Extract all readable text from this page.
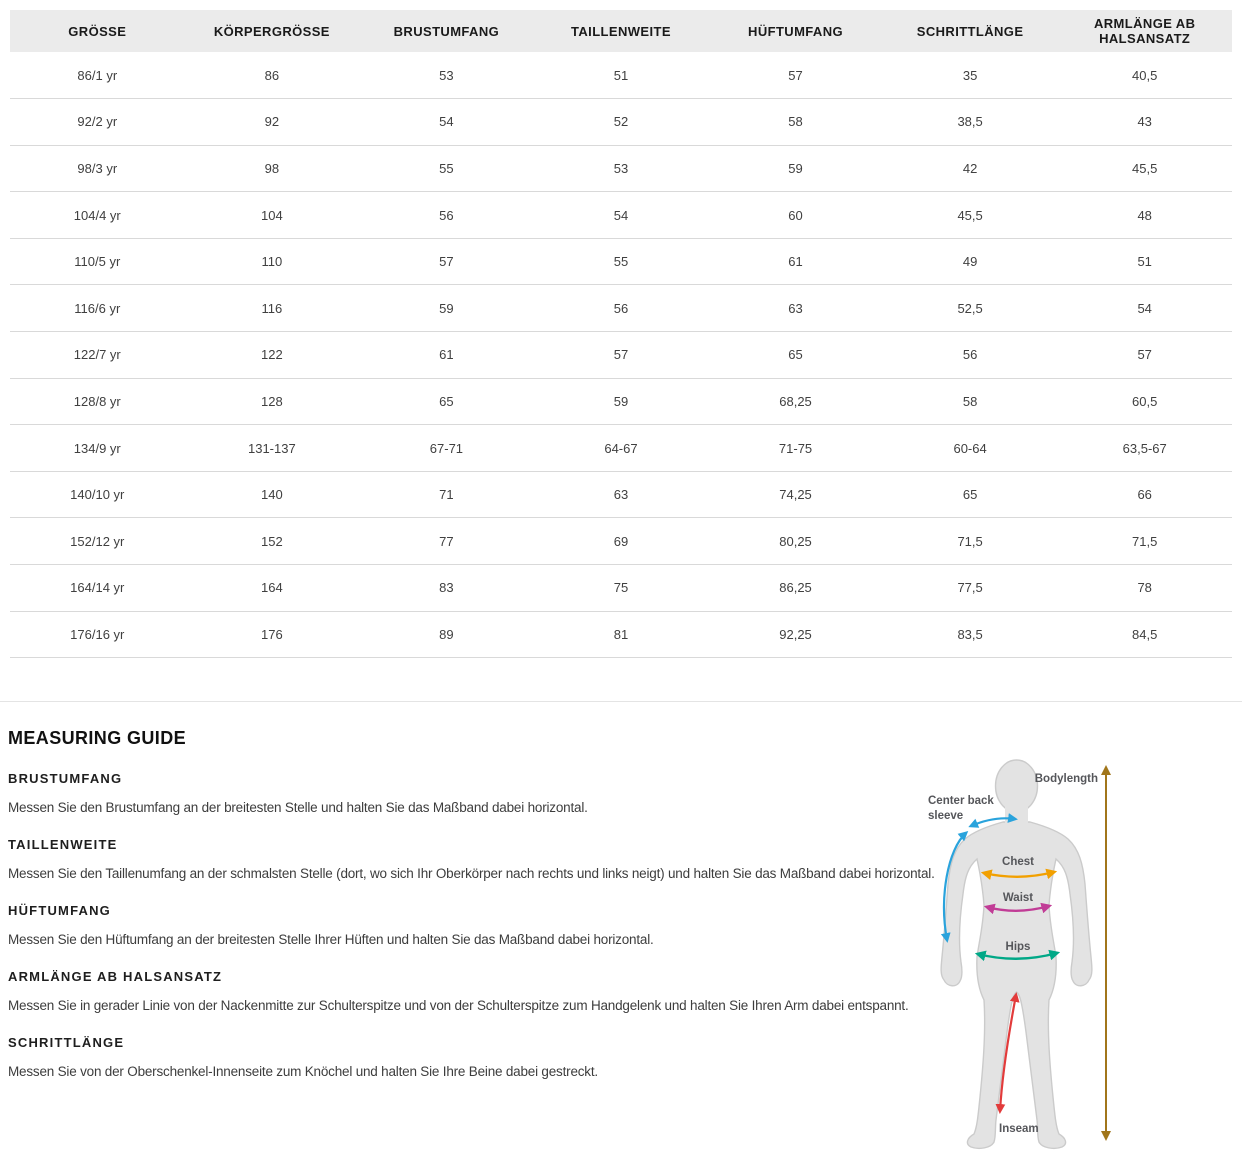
GRÖSSE	KÖRPERGRÖSSE	BRUSTUMFANG	TAILLENWEITE	HÜFTUMFANG	SCHRITTLÄNGE	ARMLÄNGE AB HALSANSATZ
86/1 yr	86	53	51	57	35	40,5
92/2 yr	92	54	52	58	38,5	43
98/3 yr	98	55	53	59	42	45,5
104/4 yr	104	56	54	60	45,5	48
110/5 yr	110	57	55	61	49	51
116/6 yr	116	59	56	63	52,5	54
122/7 yr	122	61	57	65	56	57
128/8 yr	128	65	59	68,25	58	60,5
134/9 yr	131-137	67-71	64-67	71-75	60-64	63,5-67
140/10 yr	140	71	63	74,25	65	66
152/12 yr	152	77	69	80,25	71,5	71,5
164/14 yr	164	83	75	86,25	77,5	78
176/16 yr	176	89	81	92,25	83,5	84,5
MEASURING GUIDE
BRUSTUMFANG

Messen Sie den Brustumfang an der breitesten Stelle und halten Sie das Maßband dabei horizontal.

TAILLENWEITE

Messen Sie den Taillenumfang an der schmalsten Stelle (dort, wo sich Ihr Oberkörper nach rechts und links neigt) und halten Sie das Maßband dabei horizontal.

HÜFTUMFANG

Messen Sie den Hüftumfang an der breitesten Stelle Ihrer Hüften und halten Sie das Maßband dabei horizontal.

ARMLÄNGE AB HALSANSATZ

Messen Sie in gerader Linie von der Nackenmitte zur Schulterspitze und von der Schulterspitze zum Handgelenk und halten Sie Ihren Arm dabei entspannt.

SCHRITTLÄNGE

Messen Sie von der Oberschenkel-Innenseite zum Knöchel und halten Sie Ihre Beine dabei gestreckt.

Bodylength
Center back
sleeve
Chest
Waist
Hips
Inseam
